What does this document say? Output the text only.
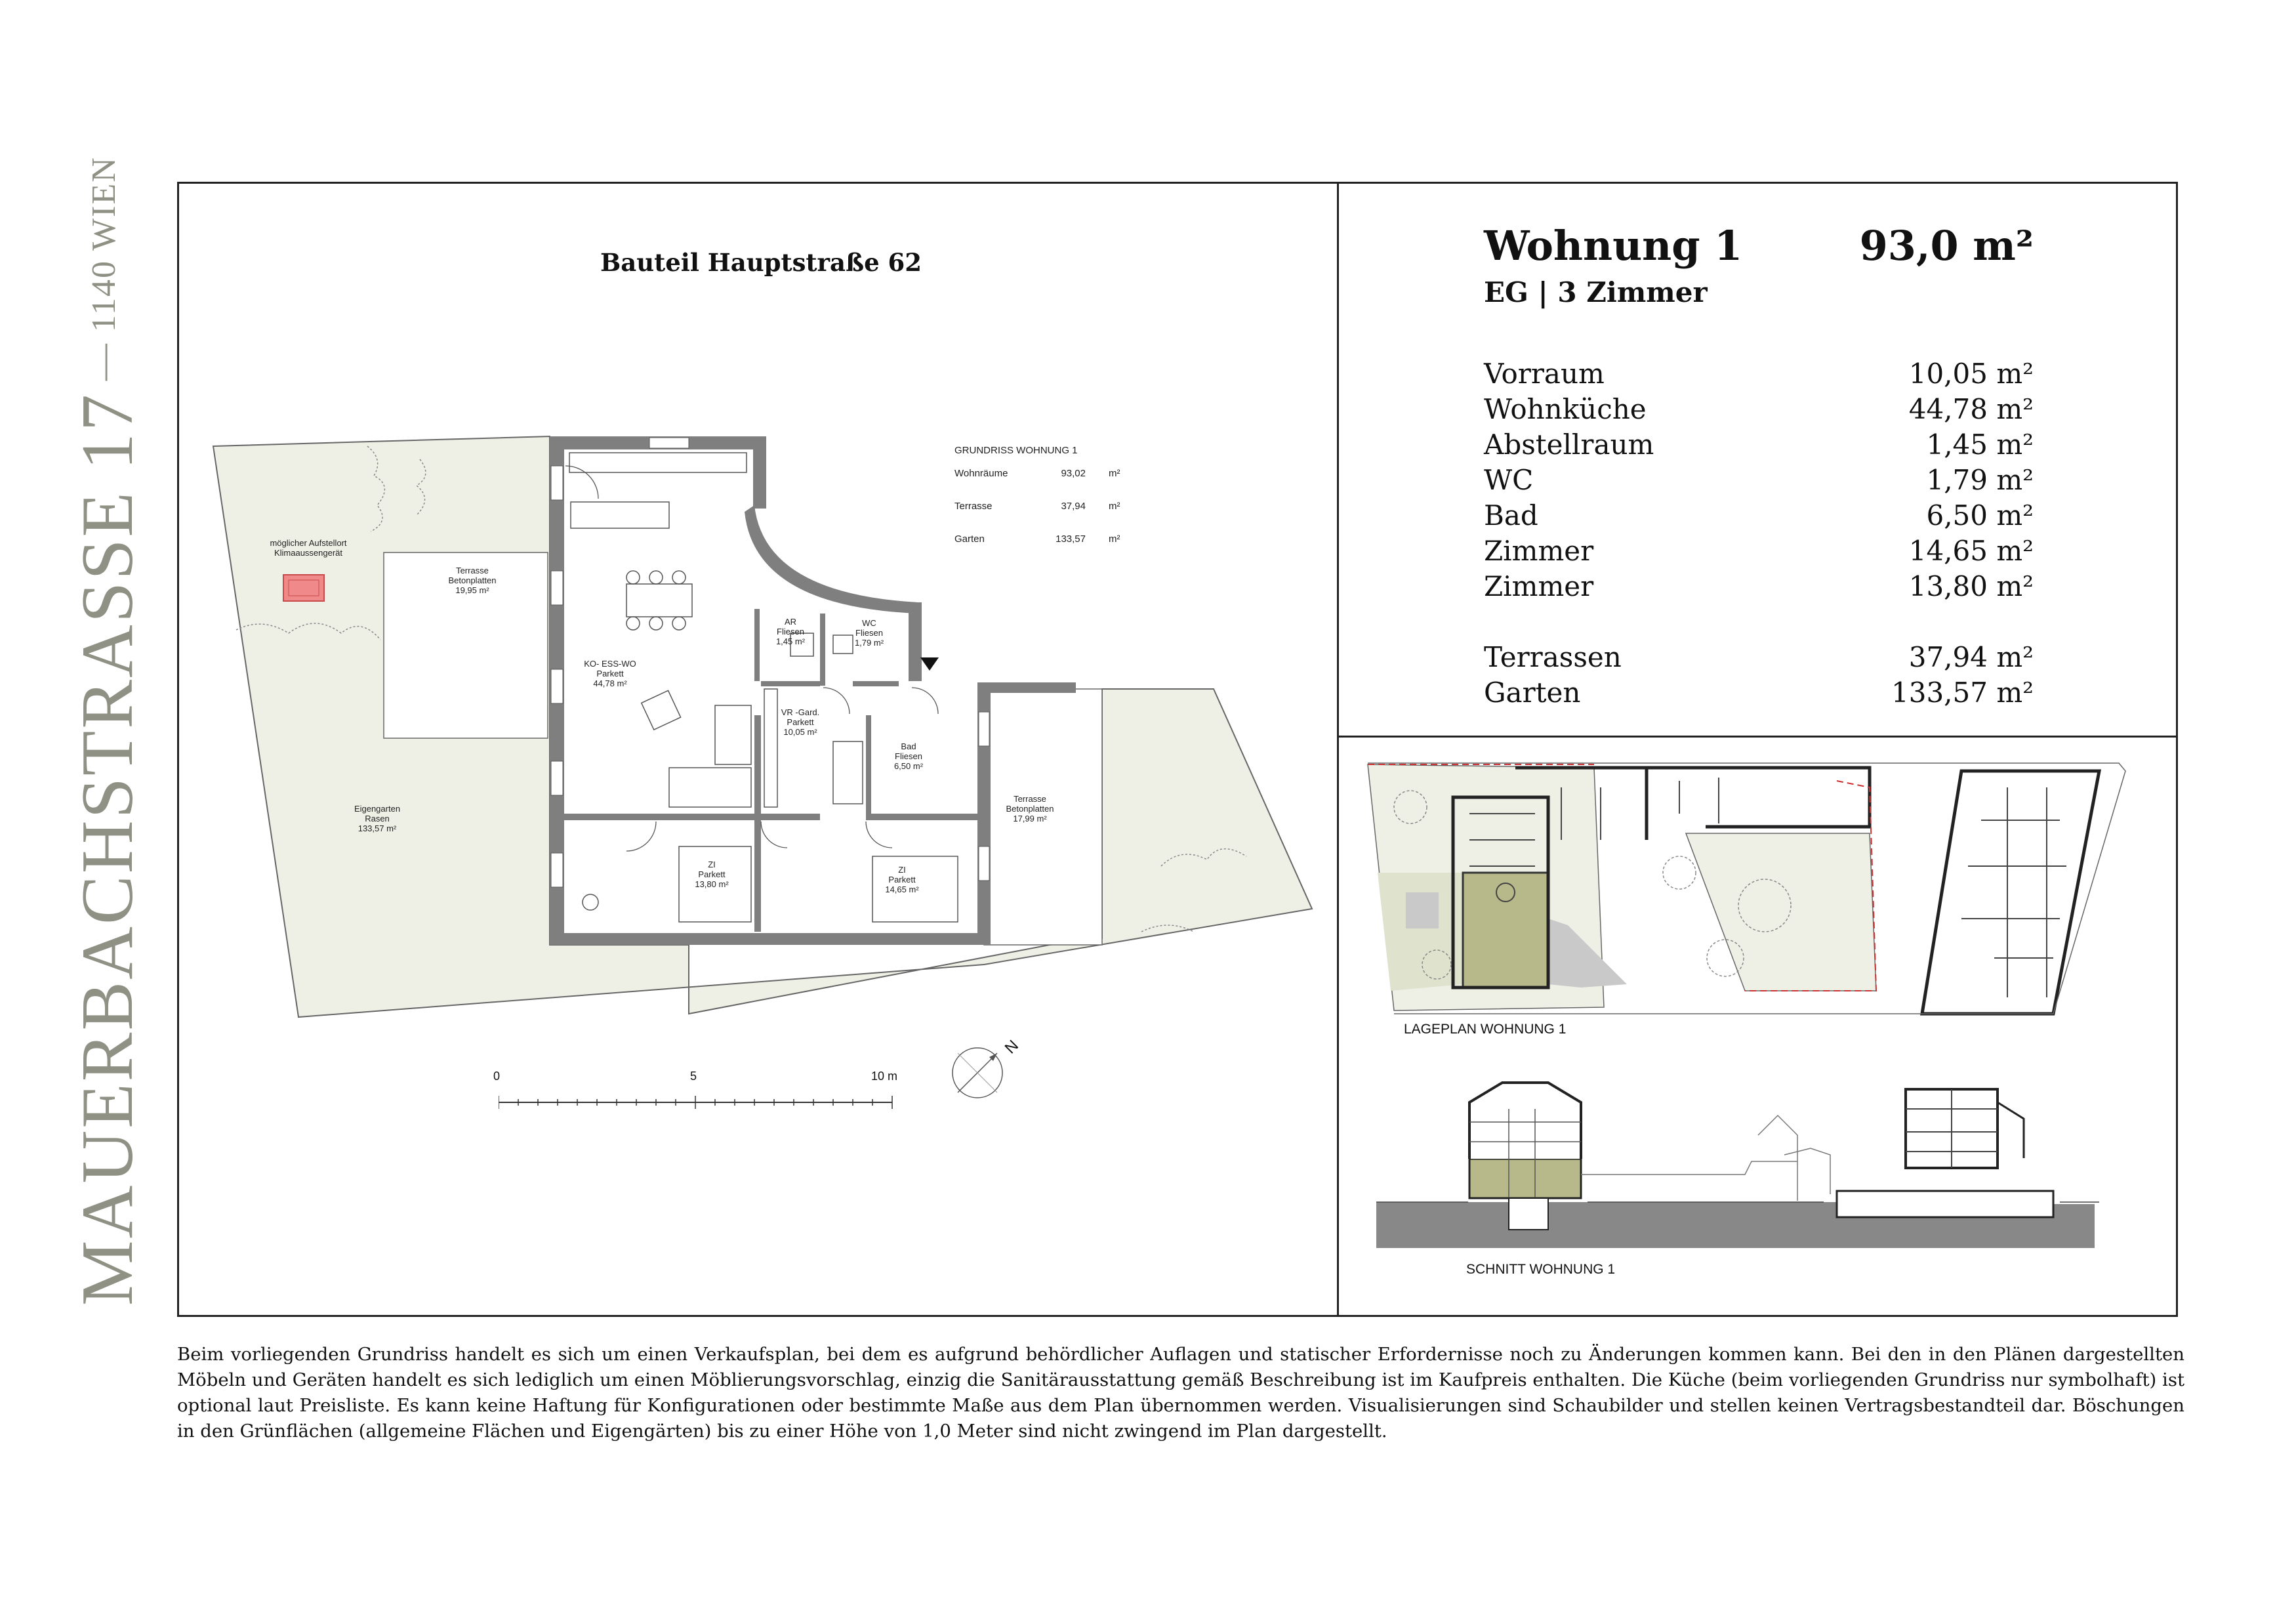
MAUERBACHSTRASSE 17—1140 WIEN	Bauteil Hauptstraße 62
möglicher Aufstellort
Klimaaussengerät
Terrasse
Betonplatten
19,95 m²
KO- ESS-WO
Parkett
44,78 m²
AR
Fliesen
1,45 m²
WC
Fliesen
1,79 m²
VR -Gard.
Parkett
10,05 m²
Bad
Fliesen
6,50 m²
Terrasse
Betonplatten
17,99 m²
Eigengarten
Rasen
133,57 m²
ZI
Parkett
13,80 m²
ZI
Parkett
14,65 m²
GRUNDRISS WOHNUNG 1
Wohnräume	93,02 m²
Terrasse	37,94 m²
Garten	133,57 m²
0	5	10 m
N
Wohnung 1	93,0 m²
EG | 3 Zimmer
Vorraum	10,05 m²
Wohnküche	44,78 m²
Abstellraum	1,45 m²
WC	1,79 m²
Bad	6,50 m²
Zimmer	14,65 m²
Zimmer	13,80 m²
Terrassen	37,94 m²
Garten	133,57 m²
LAGEPLAN WOHNUNG 1
SCHNITT WOHNUNG 1
Beim vorliegenden Grundriss handelt es sich um einen Verkaufsplan, bei dem es aufgrund behördlicher Auflagen und statischer Erfordernisse noch zu Änderungen kommen kann. Bei den in den Plänen dargestellten Möbeln und Geräten handelt es sich lediglich um einen Möblierungsvorschlag, einzig die Sanitärausstattung gemäß Beschreibung ist im Kaufpreis enthalten. Die Küche (beim vorliegenden Grundriss nur symbolhaft) ist optional laut Preisliste. Es kann keine Haftung für Konfigurationen oder bestimmte Maße aus dem Plan übernommen werden. Visualisierungen sind Schaubilder und stellen keinen Vertragsbestandteil dar. Böschungen in den Grünflächen (allgemeine Flächen und Eigengärten) bis zu einer Höhe von 1,0 Meter sind nicht zwingend im Plan dargestellt.
